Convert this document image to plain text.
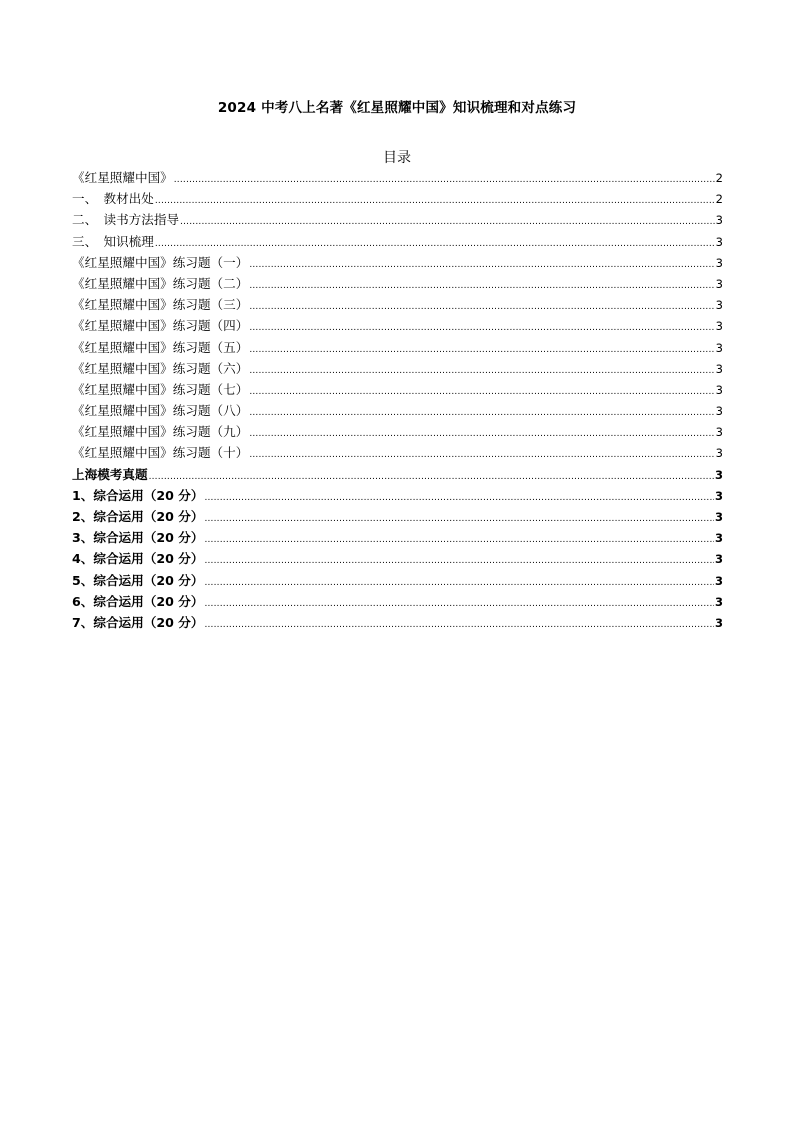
2024 中考八上名著《红星照耀中国》知识梳理和对点练习
目录
《红星照耀中国》 .....	2
一、　教材出处 .....	2
二、　读书方法指导 .....	3
三、　知识梳理 .....	3
《红星照耀中国》练习题（一） .....	3
《红星照耀中国》练习题（二） .....	3
《红星照耀中国》练习题（三） .....	3
《红星照耀中国》练习题（四） .....	3
《红星照耀中国》练习题（五） .....	3
《红星照耀中国》练习题（六） .....	3
《红星照耀中国》练习题（七） .....	3
《红星照耀中国》练习题（八） .....	3
《红星照耀中国》练习题（九） .....	3
《红星照耀中国》练习题（十） .....	3
上海模考真题 .....	3
1、综合运用（20 分） .....	3
2、综合运用（20 分） .....	3
3、综合运用（20 分） .....	3
4、综合运用（20 分） .....	3
5、综合运用（20 分） .....	3
6、综合运用（20 分） .....	3
7、综合运用（20 分） .....	3
